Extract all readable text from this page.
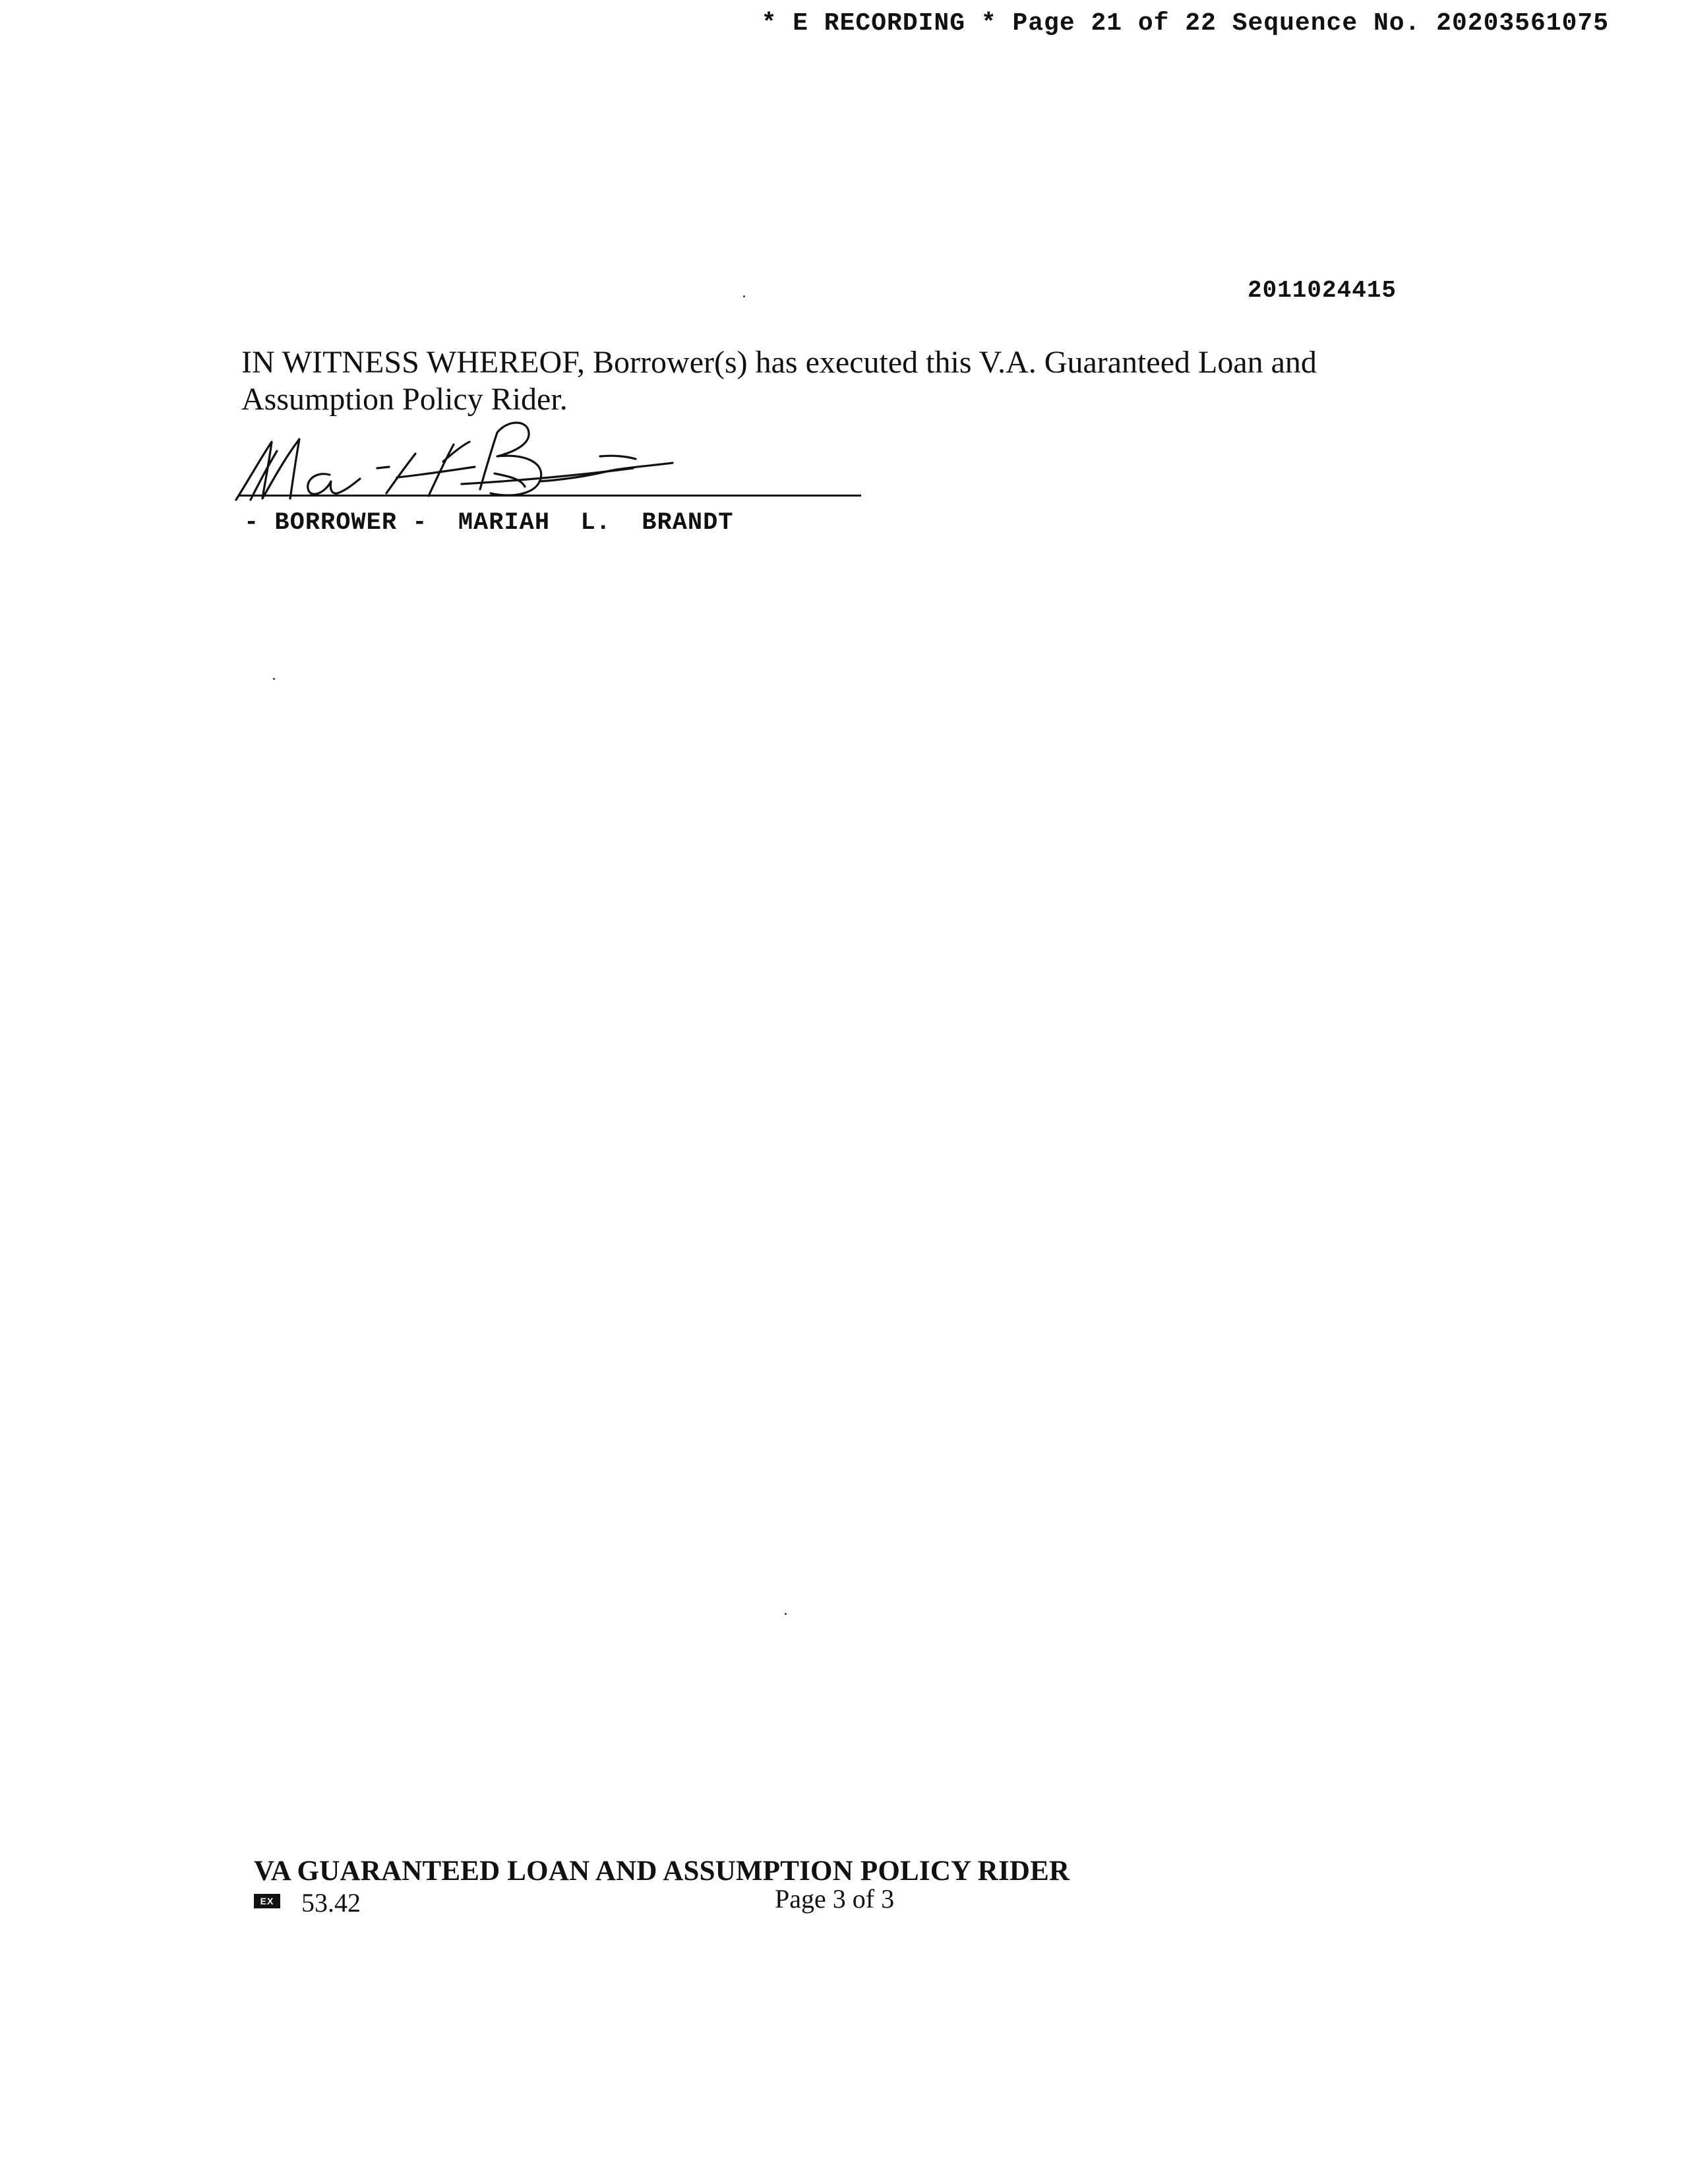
* E RECORDING * Page 21 of 22 Sequence No. 20203561075
2011024415
IN WITNESS WHEREOF, Borrower(s) has executed this V.A. Guaranteed Loan and Assumption Policy Rider.
- BORROWER -  MARIAH  L.  BRANDT
VA GUARANTEED LOAN AND ASSUMPTION POLICY RIDER
EX 53.42	Page 3 of 3
